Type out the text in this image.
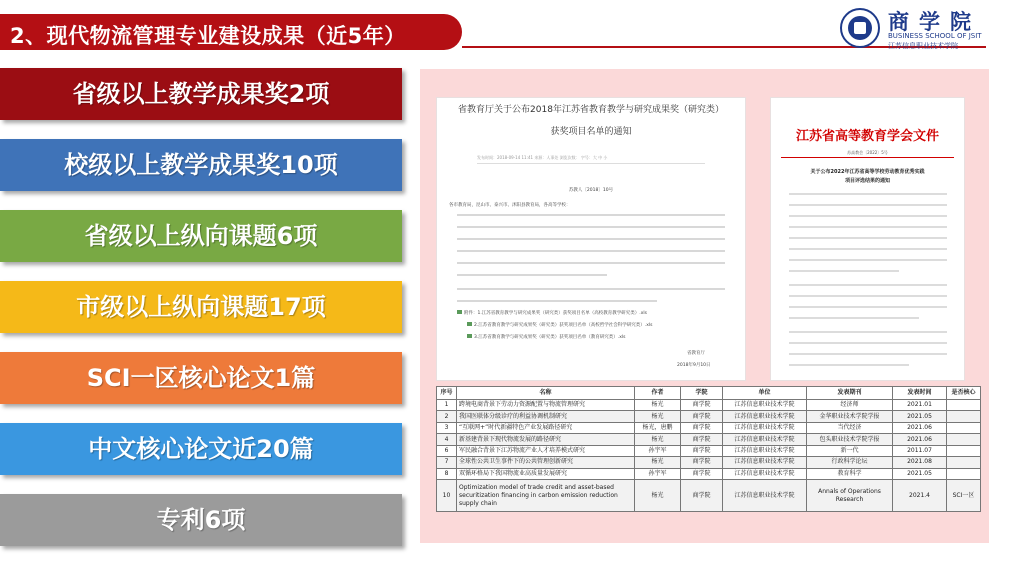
2、现代物流管理专业建设成果（近5年）
商学院
BUSINESS SCHOOL OF JSIT
江苏信息职业技术学院
省级以上教学成果奖2项
校级以上教学成果奖10项
省级以上纵向课题6项
市级以上纵向课题17项
SCI一区核心论文1篇
中文核心论文近20篇
专利6项
省教育厅关于公布2018年江苏省教育教学与研究成果奖（研究类）
获奖项目名单的通知
发布时间：2018-09-14 11:41 来源：人事处 浏览次数： 字号：大 中 小
苏教人〔2018〕10号
各市教育局，昆山市、泰兴市、沭阳县教育局，各高等学校：
附件：1.江苏省教育教学与研究成果奖（研究类）获奖项目名单（高校教育教学研究类）.xls
2.江苏省教育教学与研究成果奖（研究类）获奖项目名单（高校哲学社会科学研究类）.xls
3.江苏省教育教学与研究成果奖（研究类）获奖项目名单（教育研究类）.xls
省教育厅
2018年9月10日
江苏省高等教育学会文件
苏高教会〔2022〕5号
关于公布2022年江苏省高等学校劳动教育优秀实践
项目评选结果的通知
序号	名称	作者	学院	单位	发表期刊	发表时间	是否核心
1	跨境电商背景下劳动力资源配置与物流管理研究	杨光	商学院	江苏信息职业技术学院	经济师	2021.01	
2	我国医联体分级诊疗的利益协调机制研究	杨光	商学院	江苏信息职业技术学院	金华职业技术学院学报	2021.05	
3	“互联网+”时代新疆特色产业发展路径研究	杨光，唐鹏	商学院	江苏信息职业技术学院	当代经济	2021.06	
4	新基建背景下现代物流发展的路径研究	杨光	商学院	江苏信息职业技术学院	包头职业技术学院学报	2021.06	
6	军民融合背景下江苏物流产业人才培养模式研究	孙宇军	商学院	江苏信息职业技术学院	新一代	2011.07	
7	全球性公共卫生事件下的公共管理创新研究	杨光	商学院	江苏信息职业技术学院	行政科学论坛	2021.08	
8	双循环格局下我国物流业高质量发展研究	孙宇军	商学院	江苏信息职业技术学院	教育科学	2021.05	
10	Optimization model of trade credit and asset-based securitization financing in carbon emission reduction supply chain	杨光	商学院	江苏信息职业技术学院	Annals of Operations Research	2021.4	SCI一区
